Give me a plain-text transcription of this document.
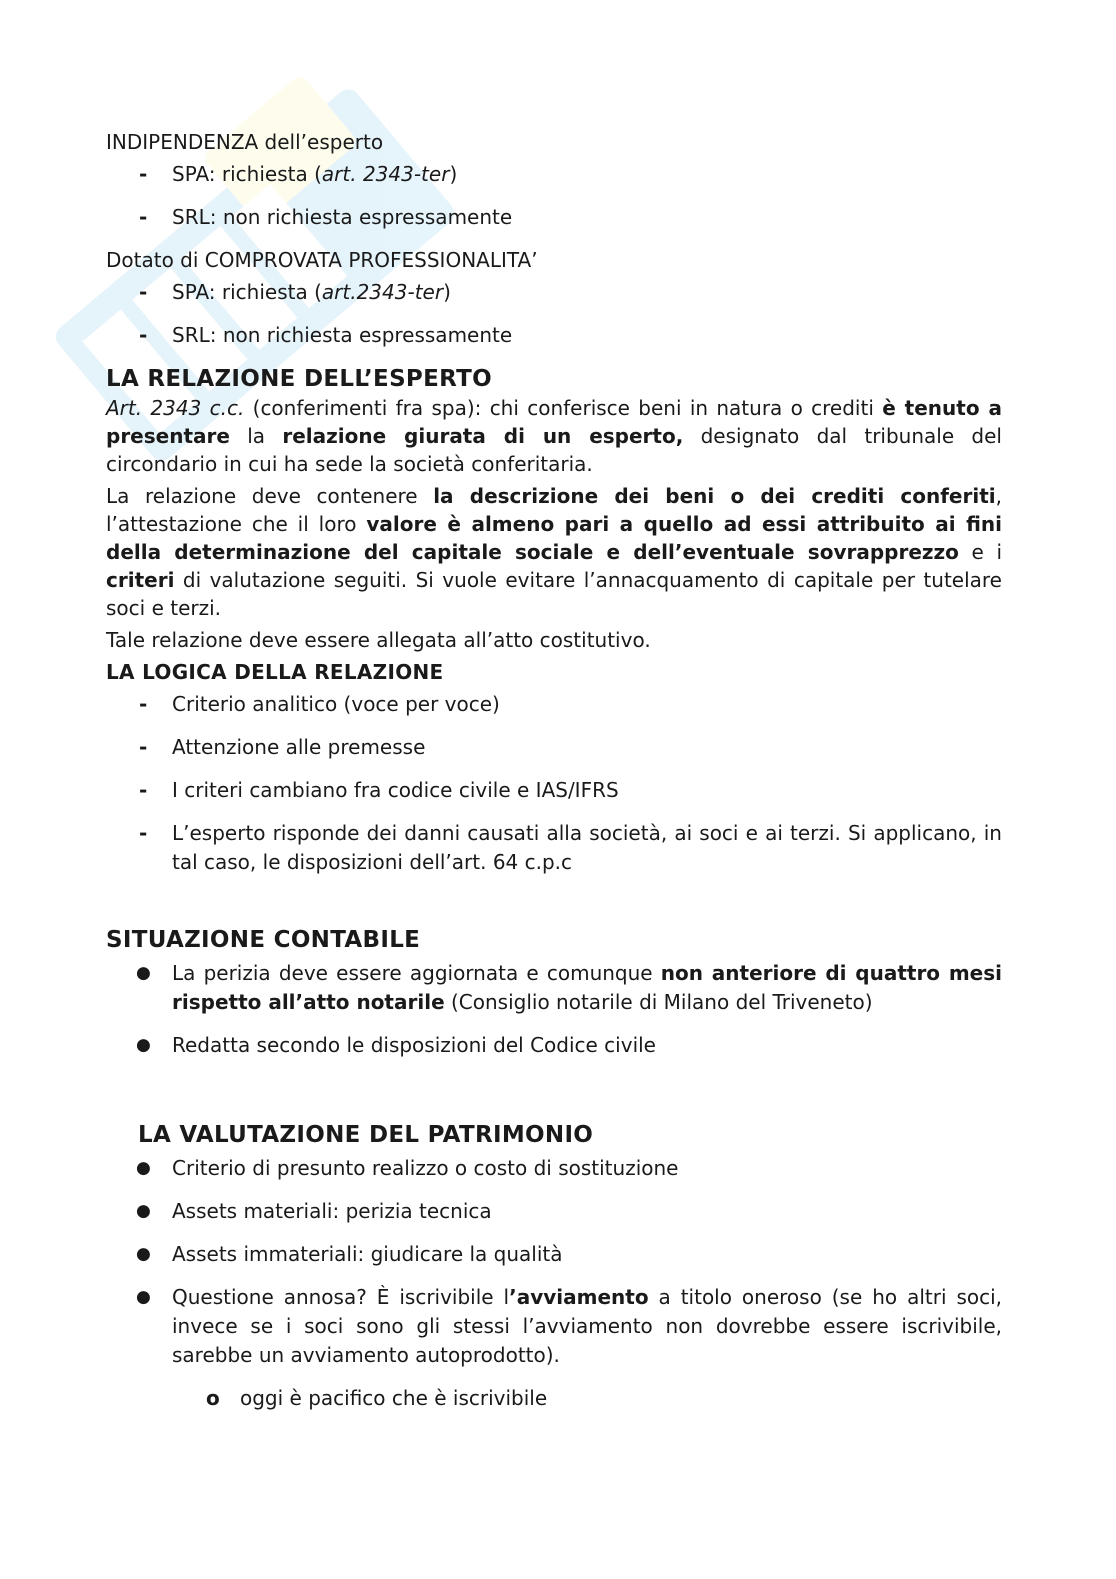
INDIPENDENZA dell’esperto
- SPA: richiesta (art. 2343-ter)
- SRL: non richiesta espressamente
Dotato di COMPROVATA PROFESSIONALITA’
- SPA: richiesta (art.2343-ter)
- SRL: non richiesta espressamente
LA RELAZIONE DELL’ESPERTO

Art. 2343 c.c. (conferimenti fra spa): chi conferisce beni in natura o crediti è tenuto a presentare la relazione giurata di un esperto, designato dal tribunale del circondario in cui ha sede la società conferitaria.

La relazione deve contenere la descrizione dei beni o dei crediti conferiti, l’attestazione che il loro valore è almeno pari a quello ad essi attribuito ai fini della determinazione del capitale sociale e dell’eventuale sovrapprezzo e i criteri di valutazione seguiti. Si vuole evitare l’annacquamento di capitale per tutelare soci e terzi.

Tale relazione deve essere allegata all’atto costitutivo.

LA LOGICA DELLA RELAZIONE
- Criterio analitico (voce per voce)
- Attenzione alle premesse
- I criteri cambiano fra codice civile e IAS/IFRS
- L’esperto risponde dei danni causati alla società, ai soci e ai terzi. Si applicano, in tal caso, le disposizioni dell’art. 64 c.p.c
SITUAZIONE CONTABILE
● La perizia deve essere aggiornata e comunque non anteriore di quattro mesi rispetto all’atto notarile (Consiglio notarile di Milano del Triveneto)
● Redatta secondo le disposizioni del Codice civile
LA VALUTAZIONE DEL PATRIMONIO
● Criterio di presunto realizzo o costo di sostituzione
● Assets materiali: perizia tecnica
● Assets immateriali: giudicare la qualità
● Questione annosa? È iscrivibile l’avviamento a titolo oneroso (se ho altri soci, invece se i soci sono gli stessi l’avviamento non dovrebbe essere iscrivibile, sarebbe un avviamento autoprodotto).
o oggi è pacifico che è iscrivibile
